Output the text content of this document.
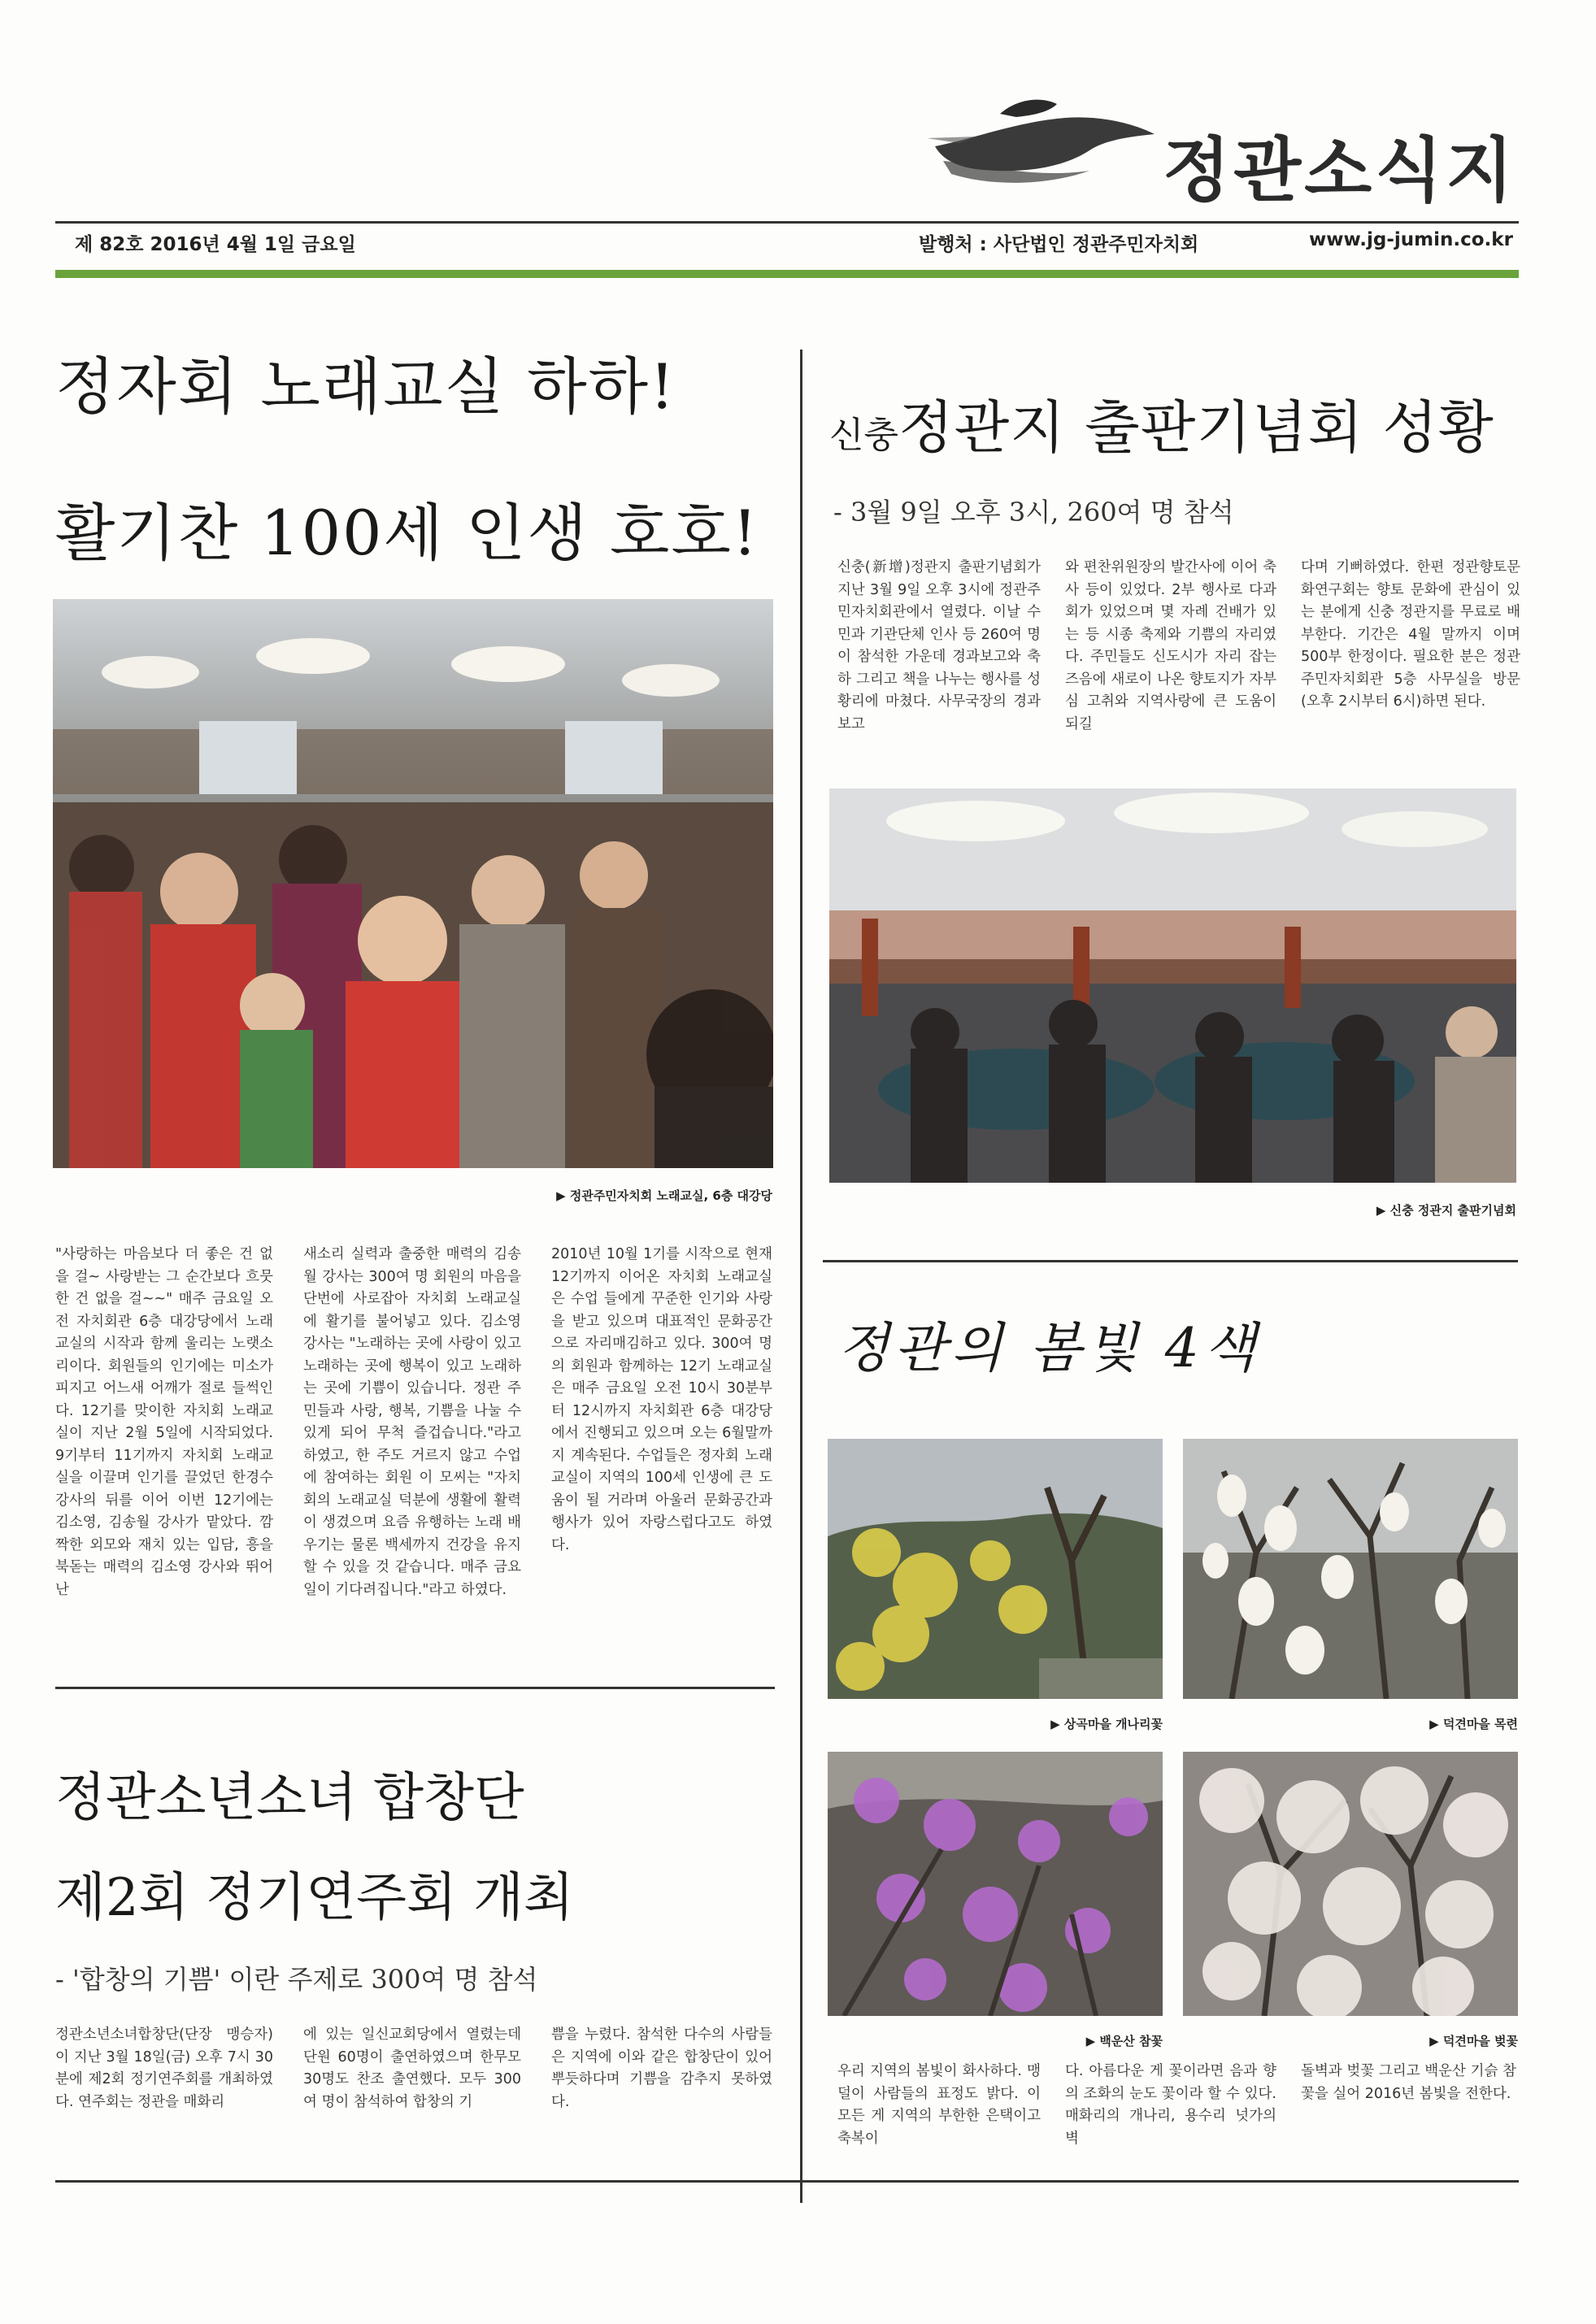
정관소식지
제 82호 2016년 4월 1일 금요일	발행처 : 사단법인 정관주민자치회	www.jg-jumin.co.kr
정자회 노래교실 하하!
활기찬 100세 인생 호호!
▶ 정관주민자치회 노래교실, 6층 대강당
"사랑하는 마음보다 더 좋은 건 없을 걸~ 사랑받는 그 순간보다 흐뭇한 건 없을 걸~~" 매주 금요일 오전 자치회관 6층 대강당에서 노래교실의 시작과 함께 울리는 노랫소리이다. 회원들의 인기에는 미소가 피지고 어느새 어깨가 절로 들썩인다. 12기를 맞이한 자치회 노래교실이 지난 2월 5일에 시작되었다. 9기부터 11기까지 자치회 노래교실을 이끌며 인기를 끌었던 한경수 강사의 뒤를 이어 이번 12기에는 김소영, 김송월 강사가 맡았다. 깜짝한 외모와 재치 있는 입담, 흥을 북돋는 매력의 김소영 강사와 뛰어난
새소리 실력과 출중한 매력의 김송월 강사는 300여 명 회원의 마음을 단번에 사로잡아 자치회 노래교실에 활기를 불어넣고 있다. 김소영 강사는 "노래하는 곳에 사랑이 있고 노래하는 곳에 행복이 있고 노래하는 곳에 기쁨이 있습니다. 정관 주민들과 사랑, 행복, 기쁨을 나눌 수 있게 되어 무척 즐겁습니다."라고 하였고, 한 주도 거르지 않고 수업에 참여하는 회원 이 모씨는 "자치회의 노래교실 덕분에 생활에 활력이 생겼으며 요즘 유행하는 노래 배우기는 물론 백세까지 건강을 유지할 수 있을 것 같습니다. 매주 금요일이 기다려집니다."라고 하였다.
2010년 10월 1기를 시작으로 현재 12기까지 이어온 자치회 노래교실은 수업 들에게 꾸준한 인기와 사랑을 받고 있으며 대표적인 문화공간으로 자리매김하고 있다. 300여 명의 회원과 함께하는 12기 노래교실은 매주 금요일 오전 10시 30분부터 12시까지 자치회관 6층 대강당에서 진행되고 있으며 오는 6월말까지 계속된다. 수업들은 정자회 노래교실이 지역의 100세 인생에 큰 도움이 될 거라며 아울러 문화공간과 행사가 있어 자랑스럽다고도 하였다.
정관소년소녀 합창단
제2회 정기연주회 개최
- '합창의 기쁨' 이란 주제로 300여 명 참석
정관소년소녀합창단(단장 맹승자)이 지난 3월 18일(금) 오후 7시 30분에 제2회 정기연주회를 개최하였다. 연주회는 정관을 매화리
에 있는 일신교회당에서 열렸는데 단원 60명이 출연하였으며 한무모 30명도 찬조 출연했다. 모두 300여 명이 참석하여 합창의 기
쁨을 누렸다. 참석한 다수의 사람들은 지역에 이와 같은 합창단이 있어 뿌듯하다며 기쁨을 감추지 못하였다.
신충정관지 출판기념회 성황
- 3월 9일 오후 3시, 260여 명 참석
신충(新增)정관지 출판기념회가 지난 3월 9일 오후 3시에 정관주민자치회관에서 열렸다. 이날 수민과 기관단체 인사 등 260여 명이 참석한 가운데 경과보고와 축하 그리고 책을 나누는 행사를 성황리에 마쳤다. 사무국장의 경과보고
와 편찬위원장의 발간사에 이어 축사 등이 있었다. 2부 행사로 다과회가 있었으며 몇 자례 건배가 있는 등 시종 축제와 기쁨의 자리였다. 주민들도 신도시가 자리 잡는 즈음에 새로이 나온 향토지가 자부심 고취와 지역사랑에 큰 도움이 되길
다며 기뻐하였다. 한편 정관향토문화연구회는 향토 문화에 관심이 있는 분에게 신충 정관지를 무료로 배부한다. 기간은 4월 말까지 이며 500부 한정이다. 필요한 분은 정관주민자치회관 5층 사무실을 방문(오후 2시부터 6시)하면 된다.
▶ 신충 정관지 출판기념회
정관의 봄빛 4색
▶ 상곡마을 개나리꽃	▶ 덕견마을 목련
▶ 백운산 참꽃	▶ 덕견마을 벚꽃
우리 지역의 봄빛이 화사하다. 맹덜이 사람들의 표정도 밝다. 이 모든 게 지역의 부한한 은택이고 축복이
다. 아름다운 게 꽃이라면 음과 향의 조화의 눈도 꽃이라 할 수 있다. 매화리의 개나리, 용수리 넛가의 벽
돌벽과 벚꽃 그리고 백운산 기슭 참꽃을 실어 2016년 봄빛을 전한다.
